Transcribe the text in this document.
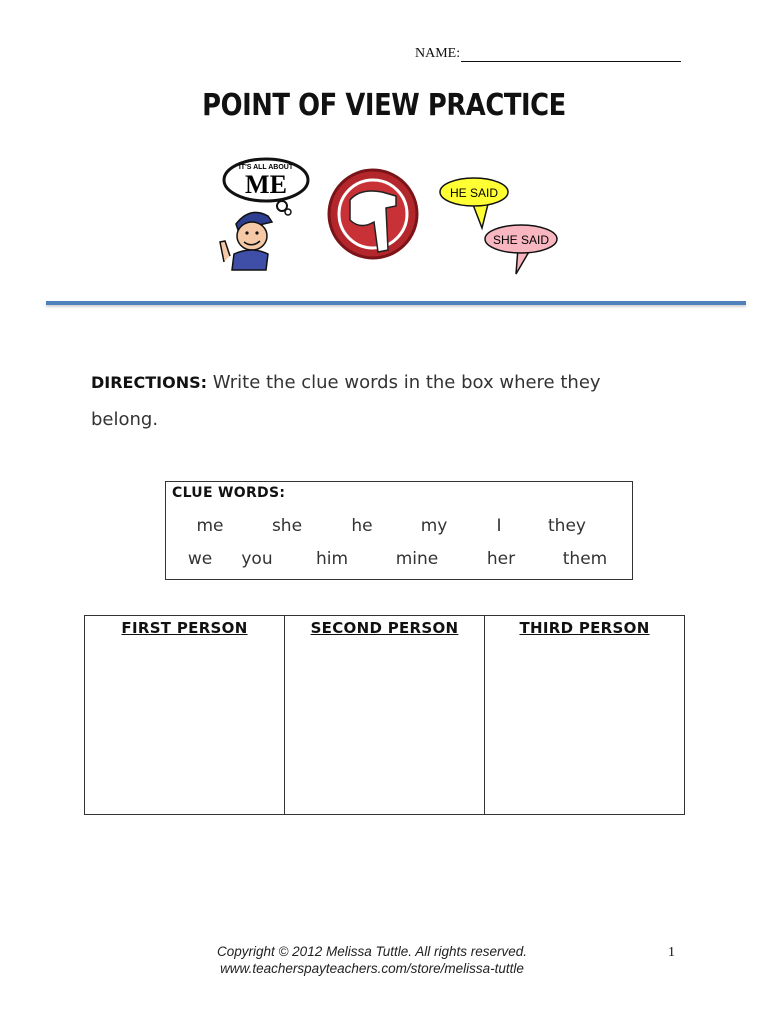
NAME:
POINT OF VIEW PRACTICE
IT'S ALL ABOUT
ME	HE SAID
SHE SAID
DIRECTIONS: Write the clue words in the box where they belong.
CLUE WORDS:
me	she	he	my	I	they
we you	him	mine	her	them
FIRST PERSON	SECOND PERSON	THIRD PERSON
Copyright © 2012 Melissa Tuttle. All rights reserved.
www.teacherspayteachers.com/store/melissa-tuttle
1
